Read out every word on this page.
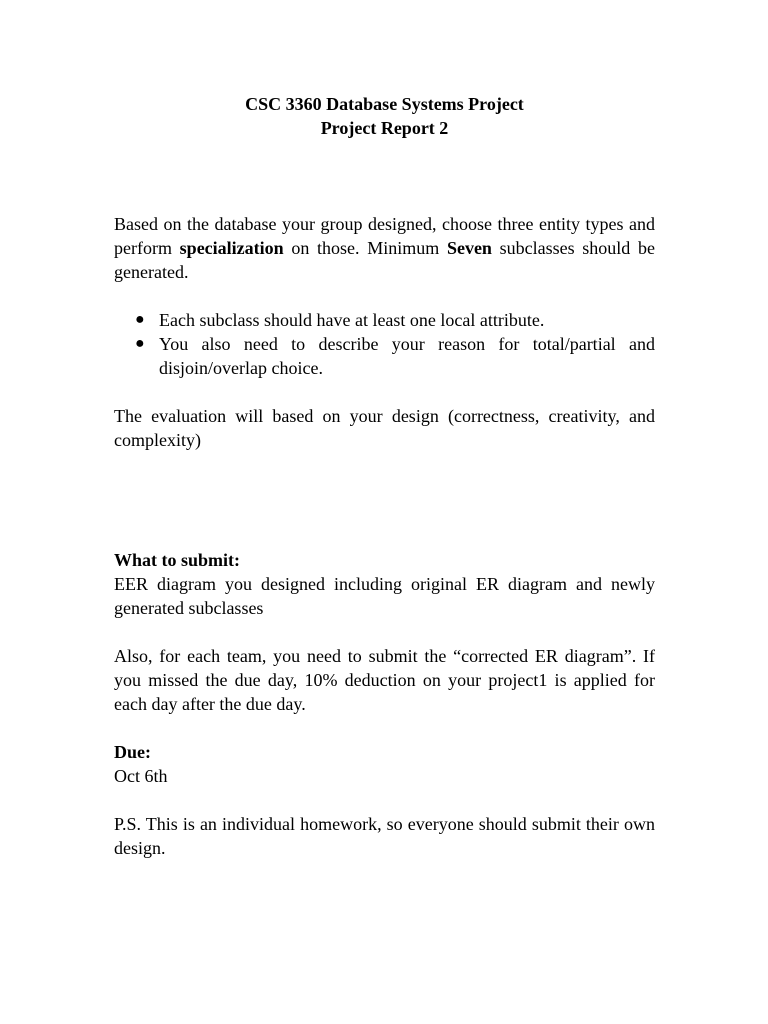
CSC 3360 Database Systems Project
Project Report 2

Based on the database your group designed, choose three entity types and perform specialization on those. Minimum Seven subclasses should be generated.

● Each subclass should have at least one local attribute.
● You also need to describe your reason for total/partial and disjoin/overlap choice.

The evaluation will based on your design (correctness, creativity, and complexity)

What to submit:

EER diagram you designed including original ER diagram and newly generated subclasses

Also, for each team, you need to submit the “corrected ER diagram”. If you missed the due day, 10% deduction on your project1 is applied for each day after the due day.

Due:

Oct 6th

P.S. This is an individual homework, so everyone should submit their own design.
